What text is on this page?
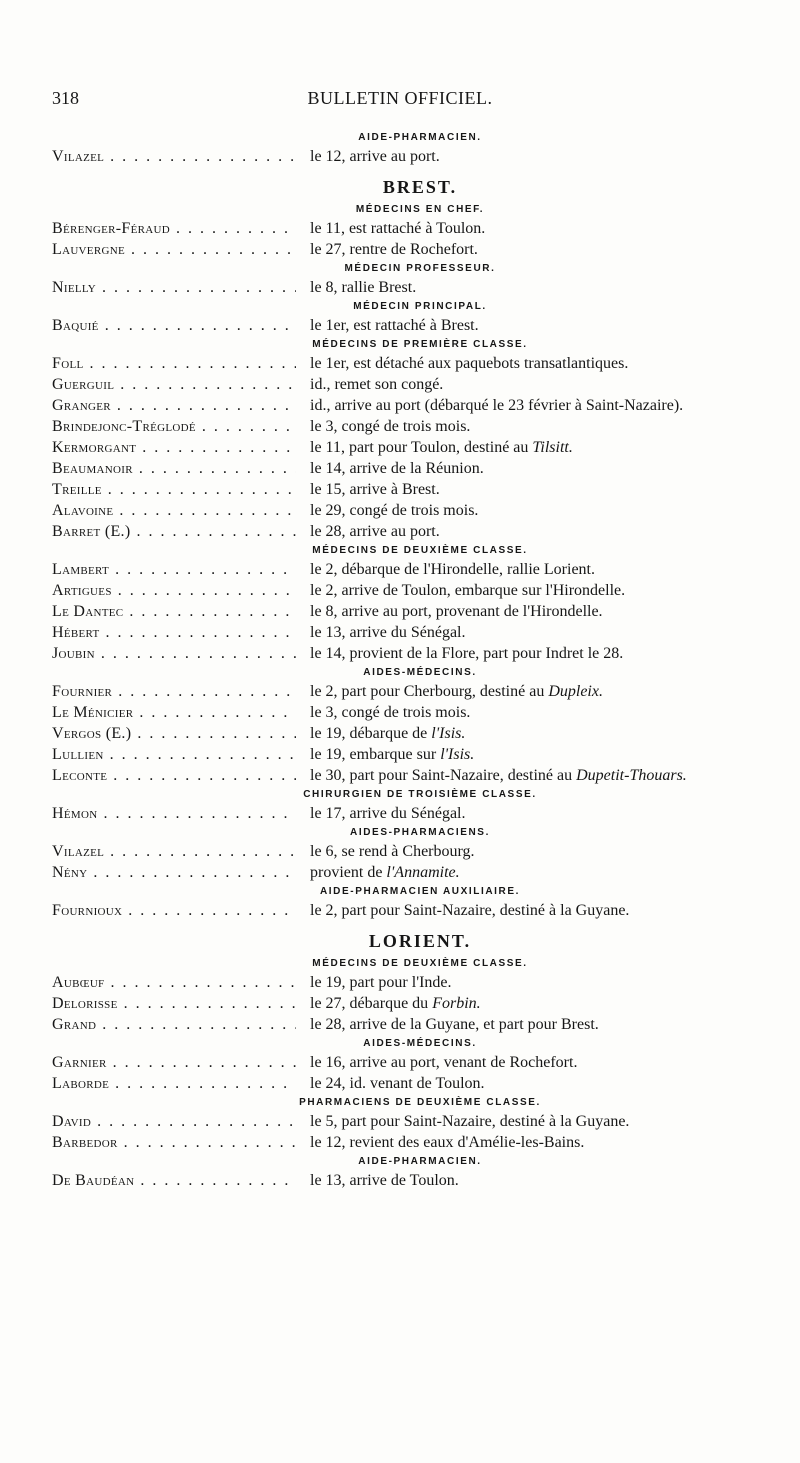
318	BULLETIN OFFICIEL.
AIDE-PHARMACIEN.
Vilazel . . .	le 12, arrive au port.
BREST.
MÉDECINS EN CHEF.
Bérenger-Féraud . . .	le 11, est rattaché à Toulon.
Lauvergne . . .	le 27, rentre de Rochefort.
MÉDECIN PROFESSEUR.
Nielly . . .	le 8, rallie Brest.
MÉDECIN PRINCIPAL.
Baquié . . .	le 1er, est rattaché à Brest.
MÉDECINS DE PREMIÈRE CLASSE.
Foll . . .	le 1er, est détaché aux paquebots transatlantiques.
Guerguil . . .	id., remet son congé.
Granger . . .	id., arrive au port (débarqué le 23 février à Saint-Nazaire).
Brindejonc-Tréglodé . . .	le 3, congé de trois mois.
Kermorgant . . .	le 11, part pour Toulon, destiné au Tilsitt.
Beaumanoir . . .	le 14, arrive de la Réunion.
Treille . . .	le 15, arrive à Brest.
Alavoine . . .	le 29, congé de trois mois.
Barret (E.) . . .	le 28, arrive au port.
MÉDECINS DE DEUXIÈME CLASSE.
Lambert . . .	le 2, débarque de l'Hirondelle, rallie Lorient.
Artigues . . .	le 2, arrive de Toulon, embarque sur l'Hirondelle.
Le Dantec . . .	le 8, arrive au port, provenant de l'Hirondelle.
Hébert . . .	le 13, arrive du Sénégal.
Joubin . . .	le 14, provient de la Flore, part pour Indret le 28.
AIDES-MÉDECINS.
Fournier . . .	le 2, part pour Cherbourg, destiné au Dupleix.
Le Ménicier . . .	le 3, congé de trois mois.
Vergos (E.) . . .	le 19, débarque de l'Isis.
Lullien . . .	le 19, embarque sur l'Isis.
Leconte . . .	le 30, part pour Saint-Nazaire, destiné au Dupetit-Thouars.
CHIRURGIEN DE TROISIÈME CLASSE.
Hémon . . .	le 17, arrive du Sénégal.
AIDES-PHARMACIENS.
Vilazel . . .	le 6, se rend à Cherbourg.
Nény . . .	provient de l'Annamite.
AIDE-PHARMACIEN AUXILIAIRE.
Fournioux . . .	le 2, part pour Saint-Nazaire, destiné à la Guyane.
LORIENT.
MÉDECINS DE DEUXIÈME CLASSE.
Aubœuf . . .	le 19, part pour l'Inde.
Delorisse . . .	le 27, débarque du Forbin.
Grand . . .	le 28, arrive de la Guyane, et part pour Brest.
AIDES-MÉDECINS.
Garnier . . .	le 16, arrive au port, venant de Rochefort.
Laborde . . .	le 24, id. venant de Toulon.
PHARMACIENS DE DEUXIÈME CLASSE.
David . . .	le 5, part pour Saint-Nazaire, destiné à la Guyane.
Barbedor . . .	le 12, revient des eaux d'Amélie-les-Bains.
AIDE-PHARMACIEN.
De Baudéan . . .	le 13, arrive de Toulon.
